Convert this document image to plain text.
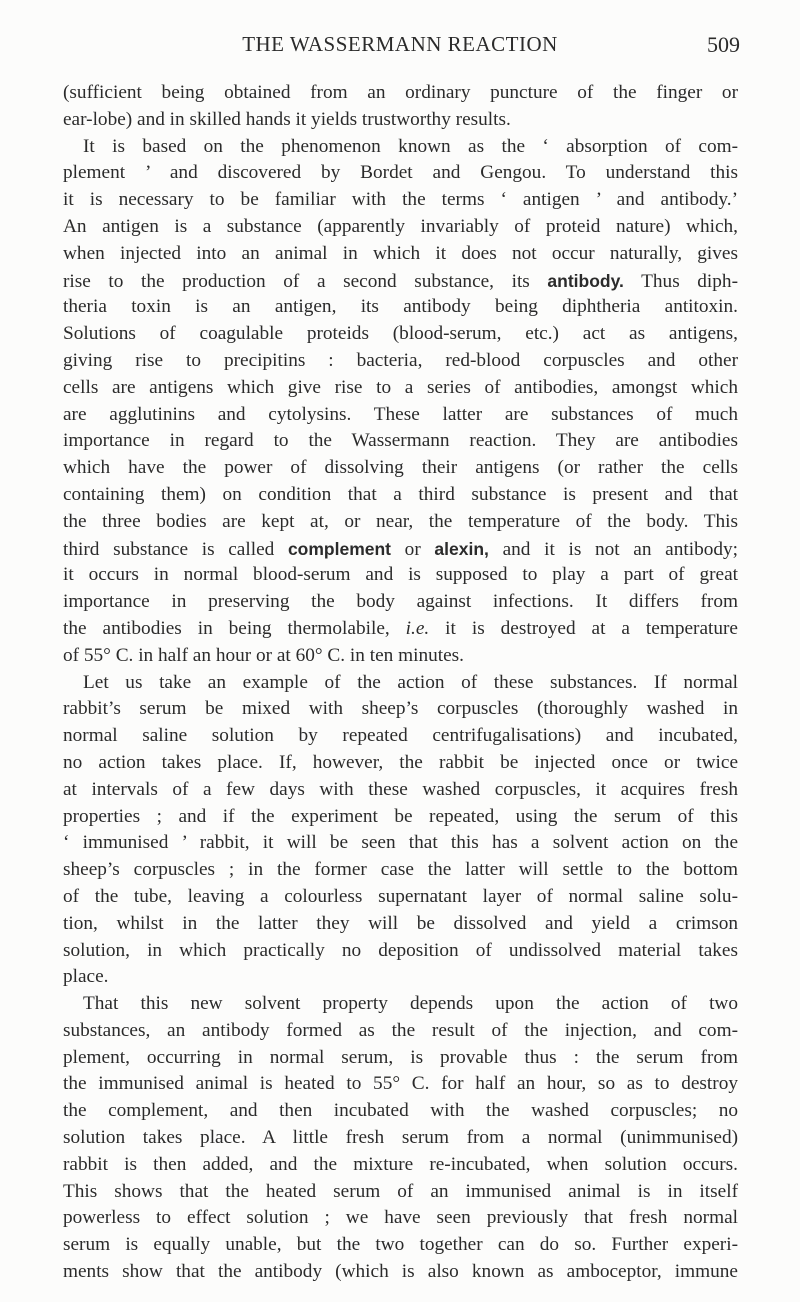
THE WASSERMANN REACTION	509
(sufficient being obtained from an ordinary puncture of the finger or
ear-lobe) and in skilled hands it yields trustworthy results.
It is based on the phenomenon known as the ‘ absorption of com-
plement ’ and discovered by Bordet and Gengou. To understand this
it is necessary to be familiar with the terms ‘ antigen ’ and antibody.’
An antigen is a substance (apparently invariably of proteid nature) which,
when injected into an animal in which it does not occur naturally, gives
rise to the production of a second substance, its antibody. Thus diph-
theria toxin is an antigen, its antibody being diphtheria antitoxin.
Solutions of coagulable proteids (blood-serum, etc.) act as antigens,
giving rise to precipitins : bacteria, red-blood corpuscles and other
cells are antigens which give rise to a series of antibodies, amongst which
are agglutinins and cytolysins. These latter are substances of much
importance in regard to the Wassermann reaction. They are antibodies
which have the power of dissolving their antigens (or rather the cells
containing them) on condition that a third substance is present and that
the three bodies are kept at, or near, the temperature of the body. This
third substance is called complement or alexin, and it is not an antibody;
it occurs in normal blood-serum and is supposed to play a part of great
importance in preserving the body against infections. It differs from
the antibodies in being thermolabile, i.e. it is destroyed at a temperature
of 55° C. in half an hour or at 60° C. in ten minutes.
Let us take an example of the action of these substances. If normal
rabbit’s serum be mixed with sheep’s corpuscles (thoroughly washed in
normal saline solution by repeated centrifugalisations) and incubated,
no action takes place. If, however, the rabbit be injected once or twice
at intervals of a few days with these washed corpuscles, it acquires fresh
properties ; and if the experiment be repeated, using the serum of this
‘ immunised ’ rabbit, it will be seen that this has a solvent action on the
sheep’s corpuscles ; in the former case the latter will settle to the bottom
of the tube, leaving a colourless supernatant layer of normal saline solu-
tion, whilst in the latter they will be dissolved and yield a crimson
solution, in which practically no deposition of undissolved material takes
place.
That this new solvent property depends upon the action of two
substances, an antibody formed as the result of the injection, and com-
plement, occurring in normal serum, is provable thus : the serum from
the immunised animal is heated to 55° C. for half an hour, so as to destroy
the complement, and then incubated with the washed corpuscles; no
solution takes place. A little fresh serum from a normal (unimmunised)
rabbit is then added, and the mixture re-incubated, when solution occurs.
This shows that the heated serum of an immunised animal is in itself
powerless to effect solution ; we have seen previously that fresh normal
serum is equally unable, but the two together can do so. Further experi-
ments show that the antibody (which is also known as amboceptor, immune
